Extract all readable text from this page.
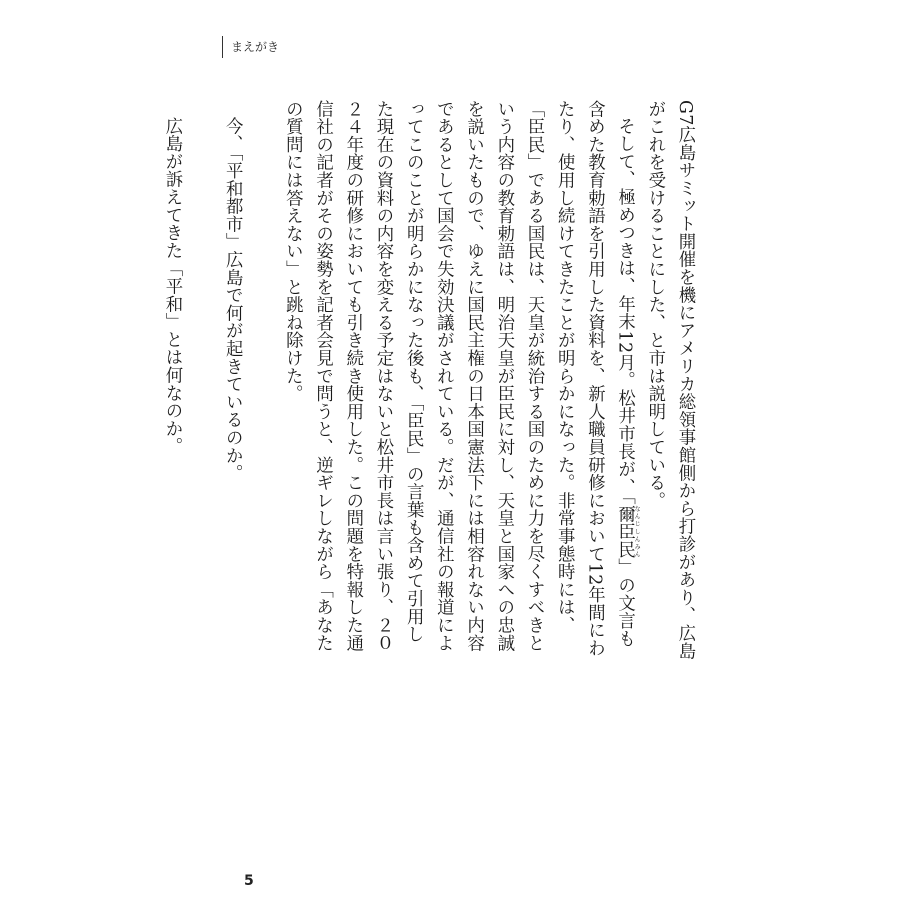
まえがき

G7広島サミット開催を機にアメリカ総領事館側から打診があり、広島がこれを受けることにした、と市は説明している。

そして、極めつきは、年末12月。松井市長が、「爾臣民なんじしんみん」の文言も含めた教育勅語を引用した資料を、新人職員研修において12年間にわたり、使用し続けてきたことが明らかになった。非常事態時には、「臣民」である国民は、天皇が統治する国のために力を尽くすべきという内容の教育勅語は、明治天皇が臣民に対し、天皇と国家への忠誠を説いたもので、ゆえに国民主権の日本国憲法下には相容れない内容であるとして国会で失効決議がされている。だが、通信社の報道によってこのことが明らかになった後も、「臣民」の言葉も含めて引用した現在の資料の内容を変える予定はないと松井市長は言い張り、２０２４年度の研修においても引き続き使用した。この問題を特報した通信社の記者がその姿勢を記者会見で問うと、逆ギレしながら「あなたの質問には答えない」と跳ね除けた。

今、「平和都市」広島で何が起きているのか。

広島が訴えてきた「平和」とは何なのか。

5
